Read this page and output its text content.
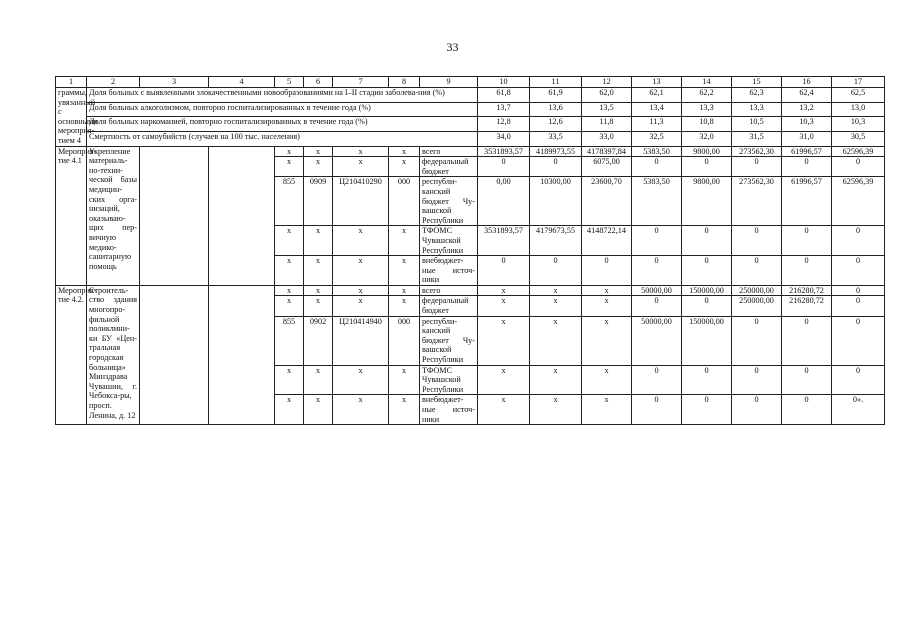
33
1	2	3	4	5	6	7	8	9	10	11	12	13	14	15	16	17
граммы, увязанный с основными мероприя-тием 4	Доля больных с выявленными злокачественными новообразованиями на I–II стадии заболева-ния (%)								61,8	61,9	62,0	62,1	62,2	62,3	62,4	62,5
	Доля больных алкоголизмом, повторно госпитализированных в течение года (%)								13,7	13,6	13,5	13,4	13,3	13,3	13,2	13,0
	Доля больных наркоманией, повторно госпитализированных в течение года (%)								12,8	12,6	11,8	11,3	10,8	10,5	10,3	10,3
	Смертность от самоубийств (случаев на 100 тыс. населения)								34,0	33,5	33,0	32,5	32,0	31,5	31,0	30,5
Мероприя-тие 4.1	Укрепление материаль-но-техни-ческой базы медицин-ских орга-низаций, оказываю-щих пер-вичную медико-санитарную помощь			x	x	x	x	всего	3531893,57	4189973,55	4178397,84	5383,50	9800,00	273562,30	61996,57	62596,39
				x	x	x	x	федеральный бюджет	0	0	6075,00	0	0	0	0	0
				855	0909	Ц210410290	000	республи-канский бюджет Чу-вашской Республики	0,00	10300,00	23600,70	5383,50	9800,00	273562,30	61996,57	62596,39
				x	x	x	x	ТФОМС Чувашской Республики	3531893,57	4179673,55	4148722,14	0	0	0	0	0
				x	x	x	x	внебюджет-ные источ-ники	0	0	0	0	0	0	0	0
Мероприя-тие 4.2.	Строитель-ство здания многопро-фильной поликлини-ки БУ «Цен-тральная городская больница» Минздрава Чувашии, г. Чебокса-ры, просп. Ленина, д. 12			x	x	x	x	всего	x	x	x	50000,00	150000,00	250000,00	216280,72	0
				x	x	x	x	федеральный бюджет	x	x	x	0	0	250000,00	216280,72	0
				855	0902	Ц210414940	000	республи-канский бюджет Чу-вашской Республики	x	x	x	50000,00	150000,00	0	0	0
				x	x	x	x	ТФОМС Чувашской Республики	x	x	x	0	0	0	0	0
				x	x	x	x	внебюджет-ные источ-ники	x	x	x	0	0	0	0	0».
